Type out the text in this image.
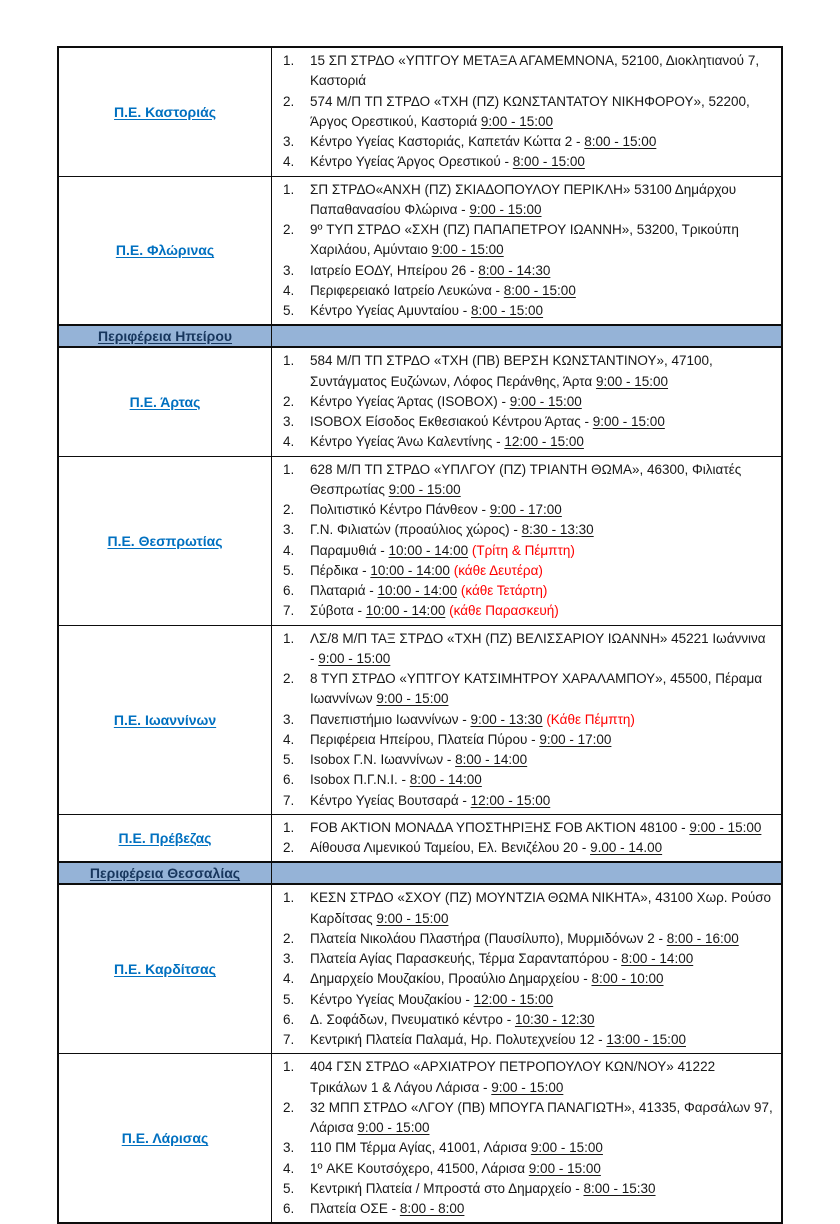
Π.Ε. Καστοριάς
1.	15 ΣΠ ΣΤΡΔΟ «ΥΠΤΓΟΥ ΜΕΤΑΞΑ ΑΓΑΜΕΜΝΟΝΑ, 52100, Διοκλητιανού 7, Καστοριά
2.	574 Μ/Π ΤΠ ΣΤΡΔΟ «ΤΧΗ (ΠΖ) ΚΩΝΣΤΑΝΤΑΤΟΥ ΝΙΚΗΦΟΡΟΥ», 52200, Άργος Ορεστικού, Καστοριά 9:00 - 15:00
3.	Κέντρο Υγείας Καστοριάς, Καπετάν Κώττα 2 - 8:00 - 15:00
4.	Κέντρο Υγείας Άργος Ορεστικού - 8:00 - 15:00
Π.Ε. Φλώρινας
1.	ΣΠ ΣΤΡΔΟ«ΑΝΧΗ (ΠΖ) ΣΚΙΑΔΟΠΟΥΛΟΥ ΠΕΡΙΚΛΗ» 53100 Δημάρχου Παπαθανασίου Φλώρινα - 9:00 - 15:00
2.	9º ΤΥΠ ΣΤΡΔΟ «ΣΧΗ (ΠΖ) ΠΑΠΑΠΕΤΡΟΥ ΙΩΑΝΝΗ», 53200, Τρικούπη Χαριλάου, Αμύνταιο 9:00 - 15:00
3.	Ιατρείο ΕΟΔΥ, Ηπείρου 26 - 8:00 - 14:30
4.	Περιφερειακό Ιατρείο Λευκώνα - 8:00 - 15:00
5.	Κέντρο Υγείας Αμυνταίου - 8:00 - 15:00
Περιφέρεια Ηπείρου
Π.Ε. Άρτας
1.	584 Μ/Π ΤΠ ΣΤΡΔΟ «ΤΧΗ (ΠΒ) ΒΕΡΣΗ ΚΩΝΣΤΑΝΤΙΝΟΥ», 47100, Συντάγματος Ευζώνων, Λόφος Περάνθης, Άρτα 9:00 - 15:00
2.	Κέντρο Υγείας Άρτας (ISOBOX) - 9:00 - 15:00
3.	ISOBOX Είσοδος Εκθεσιακού Κέντρου Άρτας - 9:00 - 15:00
4.	Κέντρο Υγείας Άνω Καλεντίνης - 12:00 - 15:00
Π.Ε. Θεσπρωτίας
1.	628 Μ/Π ΤΠ ΣΤΡΔΟ «ΥΠΛΓΟΥ (ΠΖ) ΤΡΙΑΝΤΗ ΘΩΜΑ», 46300, Φιλιατές Θεσπρωτίας 9:00 - 15:00
2.	Πολιτιστικό Κέντρο Πάνθεον - 9:00 - 17:00
3.	Γ.Ν. Φιλιατών (προαύλιος χώρος) - 8:30 - 13:30
4.	Παραμυθιά - 10:00 - 14:00 (Τρίτη & Πέμπτη)
5.	Πέρδικα - 10:00 - 14:00 (κάθε Δευτέρα)
6.	Πλαταριά - 10:00 - 14:00 (κάθε Τετάρτη)
7.	Σύβοτα - 10:00 - 14:00 (κάθε Παρασκευή)
Π.Ε. Ιωαννίνων
1.	ΛΣ/8 Μ/Π ΤΑΞ ΣΤΡΔΟ «ΤΧΗ (ΠΖ) ΒΕΛΙΣΣΑΡΙΟΥ ΙΩΑΝΝΗ» 45221 Ιωάννινα - 9:00 - 15:00
2.	8 ΤΥΠ ΣΤΡΔΟ «ΥΠΤΓΟΥ ΚΑΤΣΙΜΗΤΡΟΥ ΧΑΡΑΛΑΜΠΟΥ», 45500, Πέραμα Ιωαννίνων 9:00 - 15:00
3.	Πανεπιστήμιο Ιωαννίνων - 9:00 - 13:30 (Κάθε Πέμπτη)
4.	Περιφέρεια Ηπείρου, Πλατεία Πύρου - 9:00 - 17:00
5.	Isobox Γ.Ν. Ιωαννίνων - 8:00 - 14:00
6.	Isobox Π.Γ.Ν.Ι. - 8:00 - 14:00
7.	Κέντρο Υγείας Βουτσαρά - 12:00 - 15:00
Π.Ε. Πρέβεζας
1.	FOB AKTION ΜΟΝΑΔΑ ΥΠΟΣΤΗΡΙΞΗΣ FOB AKTION 48100 - 9:00 - 15:00
2.	Αίθουσα Λιμενικού Ταμείου, Ελ. Βενιζέλου 20 - 9.00 - 14.00
Περιφέρεια Θεσσαλίας
Π.Ε. Καρδίτσας
1.	ΚΕΣΝ ΣΤΡΔΟ «ΣΧΟΥ (ΠΖ) ΜΟΥΝΤΖΙΑ ΘΩΜΑ ΝΙΚΗΤΑ», 43100 Χωρ. Ρούσο Καρδίτσας 9:00 - 15:00
2.	Πλατεία Νικολάου Πλαστήρα (Παυσίλυπο), Μυρμιδόνων 2 - 8:00 - 16:00
3.	Πλατεία Αγίας Παρασκευής, Τέρμα Σαρανταπόρου - 8:00 - 14:00
4.	Δημαρχείο Μουζακίου, Προαύλιο Δημαρχείου - 8:00 - 10:00
5.	Κέντρο Υγείας Μουζακίου - 12:00 - 15:00
6.	Δ. Σοφάδων, Πνευματικό κέντρο - 10:30 - 12:30
7.	Κεντρική Πλατεία Παλαμά, Ηρ. Πολυτεχνείου 12 - 13:00 - 15:00
Π.Ε. Λάρισας
1.	404 ΓΣΝ ΣΤΡΔΟ «ΑΡΧΙΑΤΡΟΥ ΠΕΤΡΟΠΟΥΛΟΥ ΚΩΝ/ΝΟΥ» 41222 Τρικάλων 1 & Λάγου Λάρισα - 9:00 - 15:00
2.	32 ΜΠΠ ΣΤΡΔΟ «ΛΓΟΥ (ΠΒ) ΜΠΟΥΓΑ ΠΑΝΑΓΙΩΤΗ», 41335, Φαρσάλων 97, Λάρισα 9:00 - 15:00
3.	110 ΠΜ Τέρμα Αγίας, 41001, Λάρισα 9:00 - 15:00
4.	1º ΑΚΕ Κουτσόχερο, 41500, Λάρισα 9:00 - 15:00
5.	Κεντρική Πλατεία / Μπροστά στο Δημαρχείο - 8:00 - 15:30
6.	Πλατεία ΟΣΕ - 8:00 - 8:00
